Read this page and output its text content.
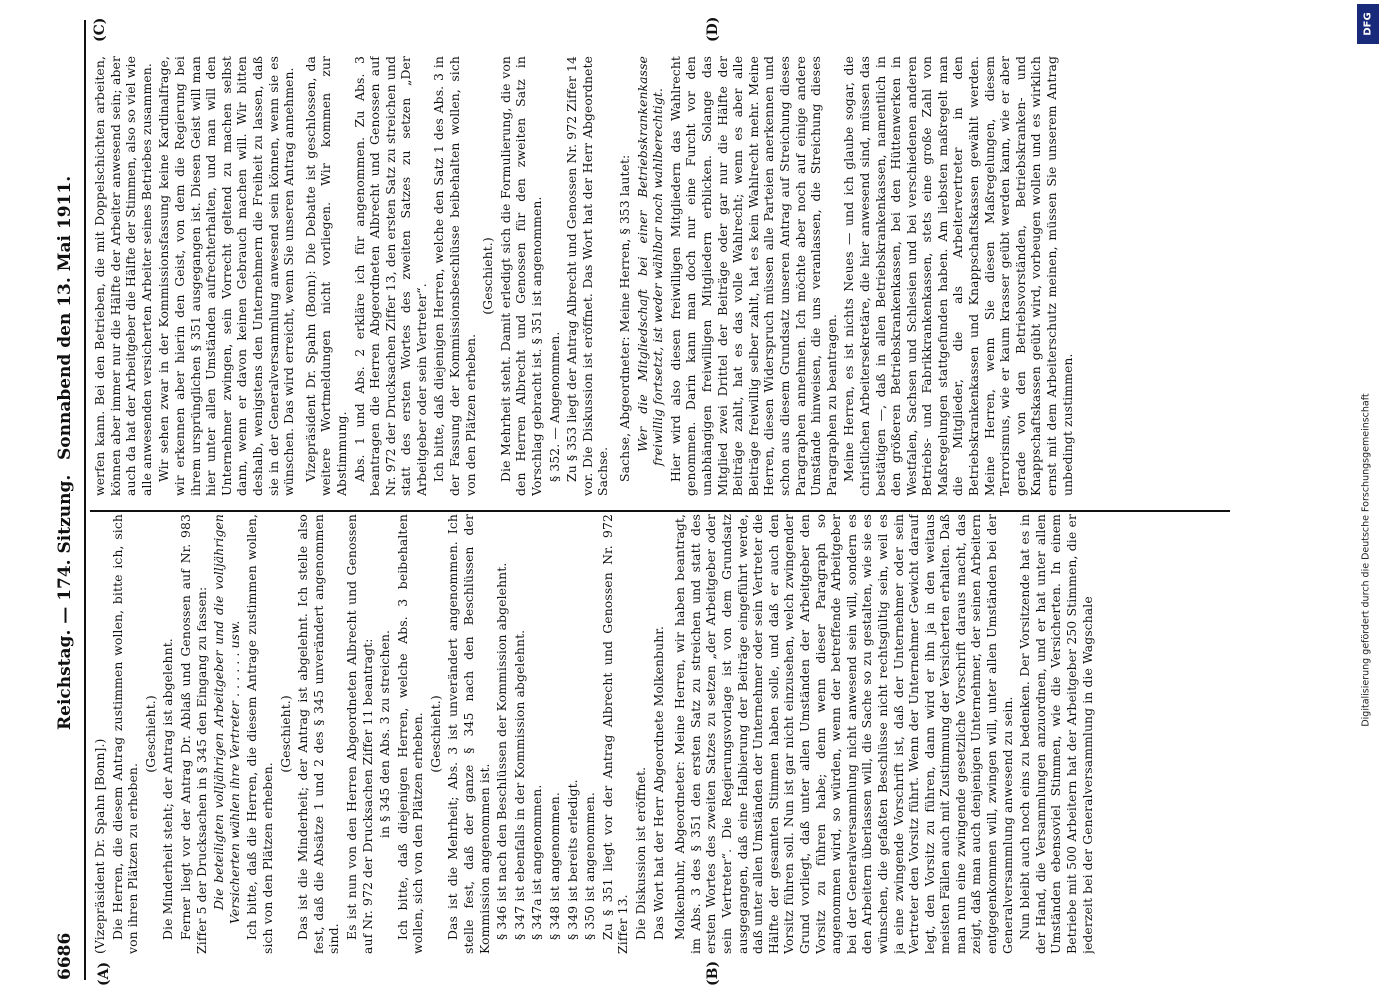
6686
Reichstag. — 174. Sitzung.
Sonnabend den 13. Mai 1911.
(A)	(B)
(C)	(D)

(Vizepräsident Dr. Spahn [Bonn].) Die Herren, die diesem Antrag zustimmen wollen, bitte ich, sich von ihren Plätzen zu erheben.

(Geschieht.) Die Minderheit steht; der Antrag ist abgelehnt. Ferner liegt vor der Antrag Dr. Ablaß und Genossen auf Nr. 983 Ziffer 5 der Drucksachen in § 345 den Eingang zu fassen: Die beteiligten volljährigen Arbeitgeber und die volljährigen Versicherten wählen ihre Vertreter . . . . . . usw. Ich bitte, daß die Herren, die diesem Antrage zustimmen wollen, sich von den Plätzen erheben.

(Geschieht.) Das ist die Minderheit; der Antrag ist abgelehnt. Ich stelle also fest, daß die Absätze 1 und 2 des § 345 unverändert angenommen sind. Es ist nun von den Herren Abgeordneten Albrecht und Genossen auf Nr. 972 der Drucksachen Ziffer 11 beantragt: in § 345 den Abs. 3 zu streichen. Ich bitte, daß diejenigen Herren, welche Abs. 3 beibehalten wollen, sich von den Plätzen erheben. (Geschieht.) Das ist die Mehrheit; Abs. 3 ist unverändert angenommen. Ich stelle fest, daß der ganze § 345 nach den Beschlüssen der Kommission angenommen ist. § 346 ist nach den Beschlüssen der Kommission abgelehnt. § 347 ist ebenfalls in der Kommission abgelehnt. § 347a ist angenommen. § 348 ist angenommen. § 349 ist bereits erledigt. § 350 ist angenommen. Zu § 351 liegt vor der Antrag Albrecht und Genossen Nr. 972 Ziffer 13. Die Diskussion ist eröffnet. Das Wort hat der Herr Abgeordnete Molkenbuhr. Molkenbuhr, Abgeordneter: Meine Herren, wir haben beantragt, im Abs. 3 des § 351 den ersten Satz zu streichen und statt des ersten Wortes des zweiten Satzes zu setzen „der Arbeitgeber oder sein Vertreter“. Die Regierungsvorlage ist von dem Grundsatz ausgegangen, daß eine Halbierung der Beiträge eingeführt werde, daß unter allen Umständen der Unternehmer oder sein Vertreter die Hälfte der gesamten Stimmen haben solle, und daß er auch den Vorsitz führen soll. Nun ist gar nicht einzusehen, welch zwingender Grund vorliegt, daß unter allen Umständen der Arbeitgeber den Vorsitz zu führen habe; denn wenn dieser Paragraph so angenommen wird, so würden, wenn der betreffende Arbeitgeber bei der Generalversammlung nicht anwesend sein will, sondern es den Arbeitern überlassen will, die Sache so zu gestalten, wie sie es wünschen, die gefaßten Beschlüsse nicht rechtsgültig sein, weil es ja eine zwingende Vorschrift ist, daß der Unternehmer oder sein Vertreter den Vorsitz führt. Wenn der Unternehmer Gewicht darauf legt, den Vorsitz zu führen, dann wird er ihn ja in den weitaus meisten Fällen auch mit Zustimmung der Versicherten erhalten. Daß man nun eine zwingende gesetzliche Vorschrift daraus macht, das zeigt, daß man auch denjenigen Unternehmer, der seinen Arbeitern entgegenkommen will, zwingen will, unter allen Umständen bei der Generalversammlung anwesend zu sein. Nun bleibt auch noch eins zu bedenken. Der Vorsitzende hat es in der Hand, die Versammlungen anzuordnen, und er hat unter allen Umständen ebensoviel Stimmen, wie die Versicherten. In einem Betriebe mit 500 Arbeitern hat der Arbeitgeber 250 Stimmen, die er jederzeit bei der Generalversammlung in die Wagschale

werfen kann. Bei den Betrieben, die mit Doppelschichten arbeiten, können aber immer nur die Hälfte der Arbeiter anwesend sein; aber auch da hat der Arbeitgeber die Hälfte der Stimmen, also so viel wie alle anwesenden versicherten Arbeiter seines Betriebes zusammen. Wir sehen zwar in der Kommissionsfassung keine Kardinalfrage, wir erkennen aber hierin den Geist, von dem die Regierung bei ihrem ursprünglichen § 351 ausgegangen ist. Diesen Geist will man hier unter allen Umständen aufrechterhalten, und man will den Unternehmer zwingen, sein Vorrecht geltend zu machen selbst dann, wenn er davon keinen Gebrauch machen will. Wir bitten deshalb, wenigstens den Unternehmern die Freiheit zu lassen, daß sie in der Generalversammlung anwesend sein können, wenn sie es wünschen. Das wird erreicht, wenn Sie unseren Antrag annehmen. Vizepräsident Dr. Spahn (Bonn): Die Debatte ist geschlossen, da weitere Wortmeldungen nicht vorliegen. Wir kommen zur Abstimmung. Abs. 1 und Abs. 2 erkläre ich für angenommen. Zu Abs. 3 beantragen die Herren Abgeordneten Albrecht und Genossen auf Nr. 972 der Drucksachen Ziffer 13, den ersten Satz zu streichen und statt des ersten Wortes des zweiten Satzes zu setzen „Der Arbeitgeber oder sein Vertreter“. Ich bitte, daß diejenigen Herren, welche den Satz 1 des Abs. 3 in der Fassung der Kommissionsbeschlüsse beibehalten wollen, sich von den Plätzen erheben.

(Geschieht.) Die Mehrheit steht. Damit erledigt sich die Formulierung, die von den Herren Albrecht und Genossen für den zweiten Satz in Vorschlag gebracht ist. § 351 ist angenommen. § 352. — Angenommen. Zu § 353 liegt der Antrag Albrecht und Genossen Nr. 972 Ziffer 14 vor. Die Diskussion ist eröffnet. Das Wort hat der Herr Abgeordnete Sachse. Sachse, Abgeordneter: Meine Herren, § 353 lautet: Wer die Mitgliedschaft bei einer Betriebskrankenkasse freiwillig fortsetzt, ist weder wählbar noch wahlberechtigt. Hier wird also diesen freiwilligen Mitgliedern das Wahlrecht genommen. Darin kann man doch nur eine Furcht vor den unabhängigen freiwilligen Mitgliedern erblicken. Solange das Mitglied zwei Drittel der Beiträge oder gar nur die Hälfte der Beiträge zahlt, hat es das volle Wahlrecht; wenn es aber alle Beiträge freiwillig selber zahlt, hat es kein Wahlrecht mehr. Meine Herren, diesen Widerspruch müssen alle Parteien anerkennen und schon aus diesem Grundsatz unseren Antrag auf Streichung dieses Paragraphen annehmen. Ich möchte aber noch auf einige andere Umstände hinweisen, die uns veranlassen, die Streichung dieses Paragraphen zu beantragen. Meine Herren, es ist nichts Neues — und ich glaube sogar, die christlichen Arbeitersekretäre, die hier anwesend sind, müssen das bestätigen —, daß in allen Betriebskrankenkassen, namentlich in den größeren Betriebskrankenkassen, bei den Hüttenwerken in Westfalen, Sachsen und Schlesien und bei verschiedenen anderen Betriebs- und Fabrikkrankenkassen, stets eine große Zahl von Maßregelungen stattgefunden haben. Am liebsten maßregelt man die Mitglieder, die als Arbeitervertreter in den Betriebskrankenkassen und Knappschaftskassen gewählt werden. Meine Herren, wenn Sie diesen Maßregelungen, diesem Terrorismus, wie er kaum krasser geübt werden kann, wie er aber gerade von den Betriebsvorständen, Betriebskranken- und Knappschaftskassen geübt wird, vorbeugen wollen und es wirklich ernst mit dem Arbeiterschutz meinen, müssen Sie unserem Antrag unbedingt zustimmen.

DFG
Digitalisierung gefördert durch die Deutsche Forschungsgemeinschaft
